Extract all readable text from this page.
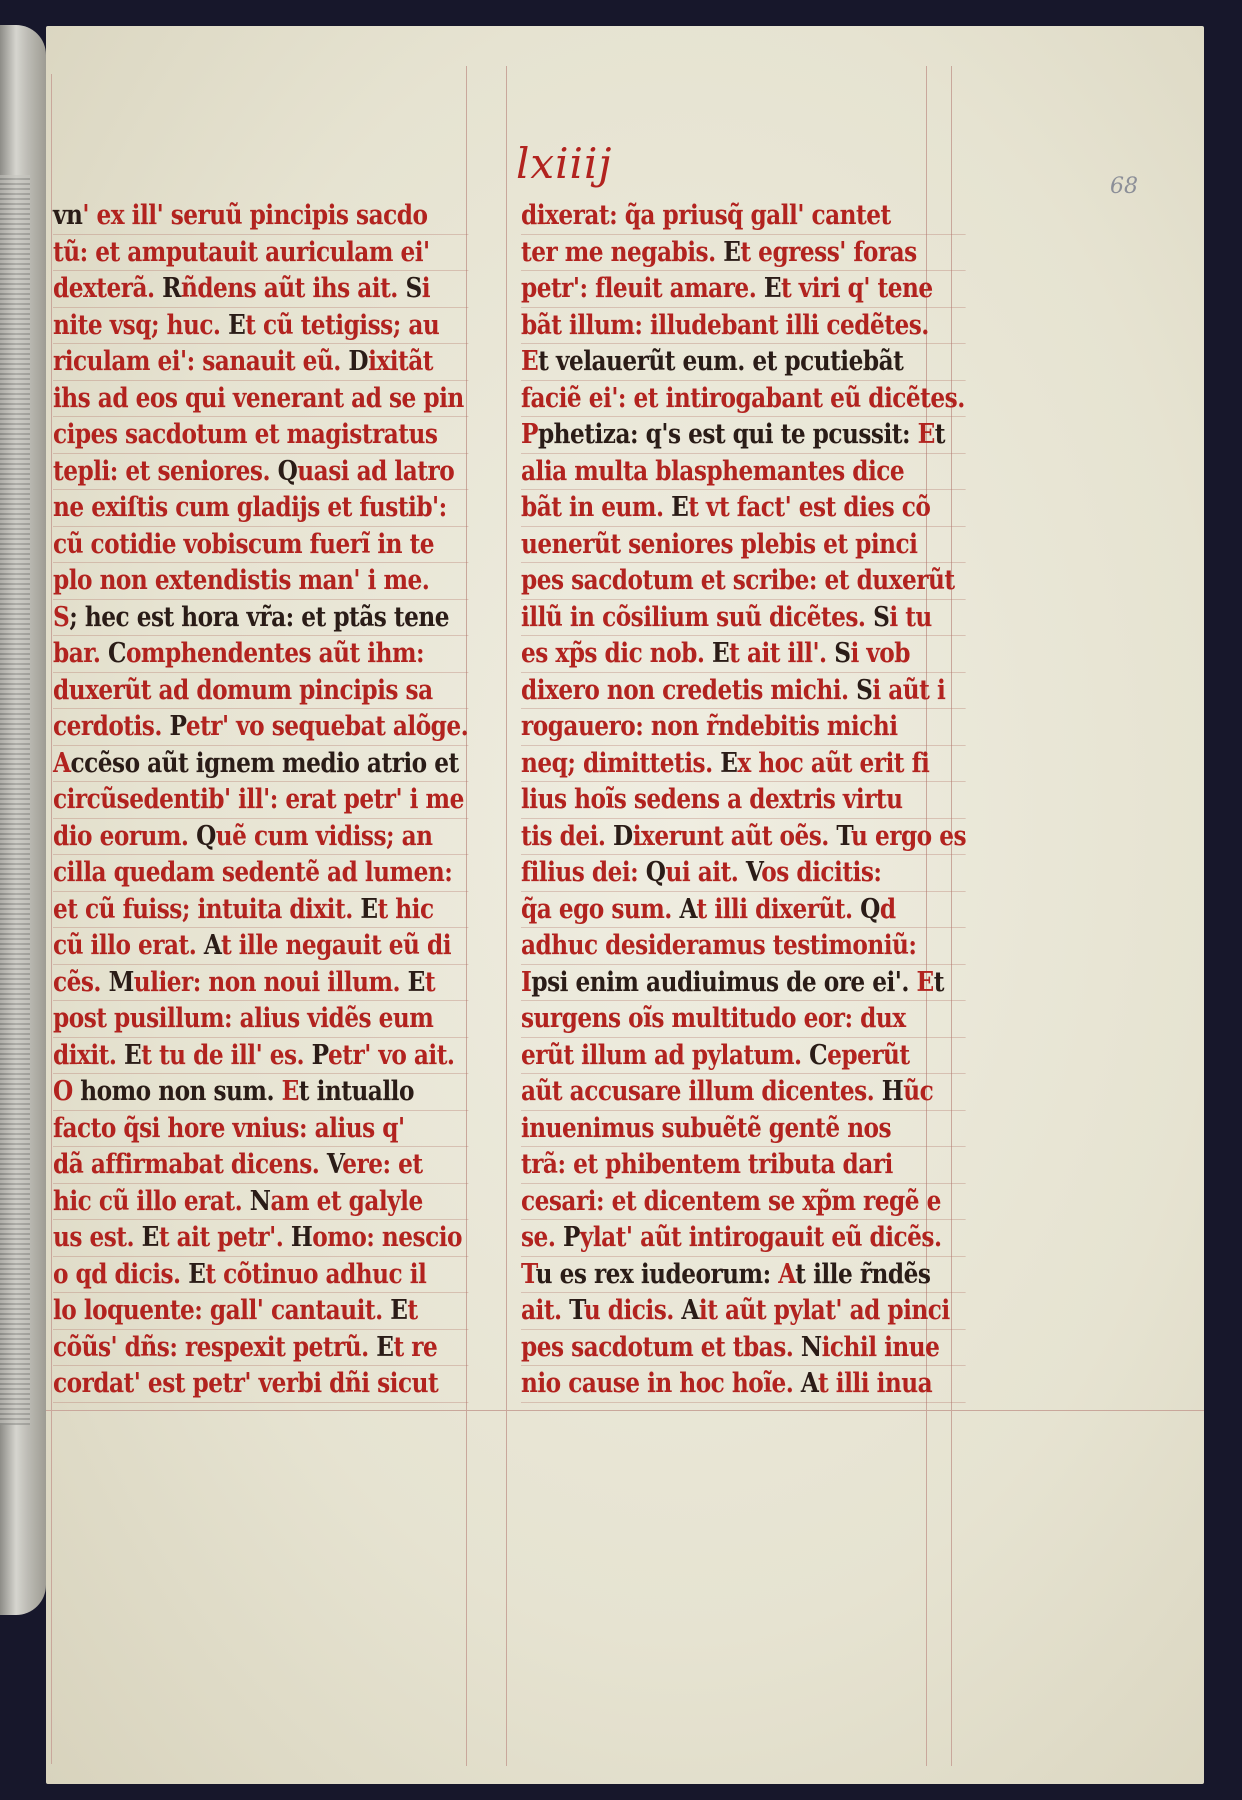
lxiiij	68
vn' ex ill' seruũ pincipis sacdo
tũ: et amputauit auriculam ei'
dexterã. Rñdens aũt ihs ait. Si
nite vsq; huc. Et cũ tetigiss; au
riculam ei': sanauit eũ. Dixitãt
ihs ad eos qui venerant ad se pin
cipes sacdotum et magistratus
tepli: et seniores. Quasi ad latro
ne exiſtis cum gladijs et fustib':
cũ cotidie vobiscum fuerĩ in te
plo non extendistis man' i me.
S; hec est hora vr̃a: et ptãs tene
bar. Comphendentes aũt ihm:
duxerũt ad domum pincipis sa
cerdotis. Petr' vo sequebat alõge.
Accẽso aũt ignem medio atrio et
circũsedentib' ill': erat petr' i me
dio eorum. Quẽ cum vidiss; an
cilla quedam sedentẽ ad lumen:
et cũ fuiss; intuita dixit. Et hic
cũ illo erat. At ille negauit eũ di
cẽs. Mulier: non noui illum. Et
post pusillum: alius vidẽs eum
dixit. Et tu de ill' es. Petr' vo ait.
O homo non sum. Et intuallo
facto q̃si hore vnius: alius q'
dã affirmabat dicens. Vere: et
hic cũ illo erat. Nam et galyle
us est. Et ait petr'. Homo: nescio
o qd dicis. Et cõtinuo adhuc il
lo loquente: gall' cantauit. Et
cõũs' dñs: respexit petrũ. Et re
cordat' est petr' verbi dñi sicut
dixerat: q̃a priusq̃ gall' cantet
ter me negabis. Et egress' foras
petr': fleuit amare. Et viri q' tene
bãt illum: illudebant illi cedẽtes.
Et velauerũt eum. et pcutiebãt
faciẽ ei': et intirogabant eũ dicẽtes.
Pphetiza: q's est qui te pcussit: Et
alia multa blasphemantes dice
bãt in eum. Et vt fact' est dies cõ
uenerũt seniores plebis et pinci
pes sacdotum et scribe: et duxerũt
illũ in cõsilium suũ dicẽtes. Si tu
es xp̃s dic nob. Et ait ill'. Si vob
dixero non credetis michi. Si aũt i
rogauero: non r̃ndebitis michi
neq; dimittetis. Ex hoc aũt erit fi
lius hoĩs sedens a dextris virtu
tis dei. Dixerunt aũt oẽs. Tu ergo es
filius dei: Qui ait. Vos dicitis:
q̃a ego sum. At illi dixerũt. Qd
adhuc desideramus testimoniũ:
Ipsi enim audiuimus de ore ei'. Et
surgens oĩs multitudo eor: dux
erũt illum ad pylatum. Ceperũt
aũt accusare illum dicentes. Hũc
inuenimus subuẽtẽ gentẽ nos
trã: et phibentem tributa dari
cesari: et dicentem se xp̃m regẽ e
se. Pylat' aũt intirogauit eũ dicẽs.
Tu es rex iudeorum: At ille r̃ndẽs
ait. Tu dicis. Ait aũt pylat' ad pinci
pes sacdotum et tbas. Nichil inue
nio cause in hoc hoĩe. At illi inua
